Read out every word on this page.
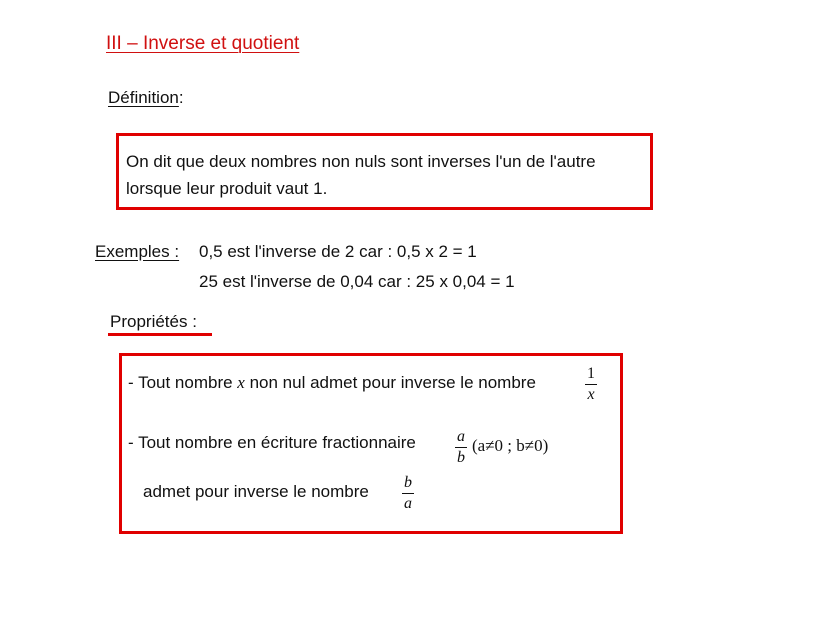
III – Inverse et quotient
Définition:
On dit que deux nombres non nuls sont inverses l'un de l'autre
lorsque leur produit vaut 1.
Exemples : 0,5 est l'inverse de 2 car : 0,5 x 2 = 1
25 est l'inverse de 0,04 car : 25 x 0,04 = 1
Propriétés :
- Tout nombre x non nul admet pour inverse le nombre	1
x
- Tout nombre en écriture fractionnaire	a
b
(a≠0 ; b≠0)
admet pour inverse le nombre b
a
